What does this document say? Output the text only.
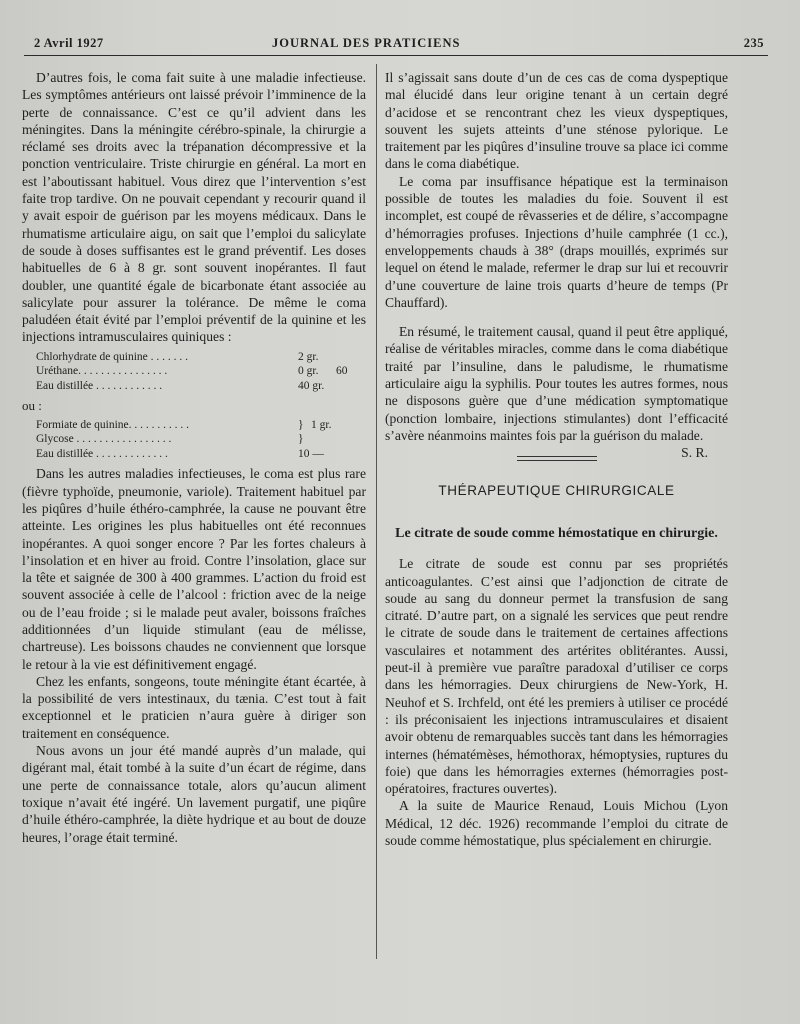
2 Avril 1927	JOURNAL DES PRATICIENS	235

D’autres fois, le coma fait suite à une maladie infectieuse. Les symptômes antérieurs ont laissé prévoir l’imminence de la perte de connaissance. C’est ce qu’il advient dans les méningites. Dans la méningite cérébro-spinale, la chirurgie a réclamé ses droits avec la trépanation décompressive et la ponction ventriculaire. Triste chirurgie en général. La mort en est l’aboutissant habituel. Vous direz que l’intervention s’est faite trop tardive. On ne pouvait cependant y recourir quand il y avait espoir de guérison par les moyens médicaux. Dans le rhumatisme articulaire aigu, on sait que l’emploi du salicylate de soude à doses suffisantes est le grand préventif. Les doses habituelles de 6 à 8 gr. sont souvent inopérantes. Il faut doubler, une quantité égale de bicarbonate étant associée au salicylate pour assurer la tolérance. De même le coma paludéen était évité par l’emploi préventif de la quinine et les injections intramusculaires quiniques :

Chlorhydrate de quinine . . . . . . .	2 gr.
Uréthane. . . . . . . . . . . . . . . .	0 gr. 60
Eau distillée . . . . . . . . . . . .	40 gr.
ou :
Formiate de quinine. . . . . . . . . . .	} 1 gr.
Glycose . . . . . . . . . . . . . . . . .	}
Eau distillée . . . . . . . . . . . . .	10 —

Dans les autres maladies infectieuses, le coma est plus rare (fièvre typhoïde, pneumonie, variole). Traitement habituel par les piqûres d’huile éthéro-camphrée, la cause ne pouvant être atteinte. Les origines les plus habituelles ont été reconnues inopérantes. A quoi songer encore ? Par les fortes chaleurs à l’insolation et en hiver au froid. Contre l’insolation, glace sur la tête et saignée de 300 à 400 grammes. L’action du froid est souvent associée à celle de l’alcool : friction avec de la neige ou de l’eau froide ; si le malade peut avaler, boissons fraîches additionnées d’un liquide stimulant (eau de mélisse, chartreuse). Les boissons chaudes ne conviennent que lorsque le retour à la vie est définitivement engagé.

Chez les enfants, songeons, toute méningite étant écartée, à la possibilité de vers intestinaux, du tænia. C’est tout à fait exceptionnel et le praticien n’aura guère à diriger son traitement en conséquence.

Nous avons un jour été mandé auprès d’un malade, qui digérant mal, était tombé à la suite d’un écart de régime, dans une perte de connaissance totale, alors qu’aucun aliment toxique n’avait été ingéré. Un lavement purgatif, une piqûre d’huile éthéro-camphrée, la diète hydrique et au bout de douze heures, l’orage était terminé.

Il s’agissait sans doute d’un de ces cas de coma dyspeptique mal élucidé dans leur origine tenant à un certain degré d’acidose et se rencontrant chez les vieux dyspeptiques, souvent les sujets atteints d’une sténose pylorique. Le traitement par les piqûres d’insuline trouve sa place ici comme dans le coma diabétique.

Le coma par insuffisance hépatique est la terminaison possible de toutes les maladies du foie. Souvent il est incomplet, est coupé de rêvasseries et de délire, s’accompagne d’hémorragies profuses. Injections d’huile camphrée (1 cc.), enveloppements chauds à 38° (draps mouillés, exprimés sur lequel on étend le malade, refermer le drap sur lui et recouvrir d’une couverture de laine trois quarts d’heure de temps (Pr Chauffard).

En résumé, le traitement causal, quand il peut être appliqué, réalise de véritables miracles, comme dans le coma diabétique traité par l’insuline, dans le paludisme, le rhumatisme articulaire aigu la syphilis. Pour toutes les autres formes, nous ne disposons guère que d’une médication symptomatique (ponction lombaire, injections stimulantes) dont l’efficacité s’avère néanmoins maintes fois par la guérison du malade.
S. R.

THÉRAPEUTIQUE CHIRURGICALE
Le citrate de soude comme hémostatique en chirurgie.

Le citrate de soude est connu par ses propriétés anticoagulantes. C’est ainsi que l’adjonction de citrate de soude au sang du donneur permet la transfusion de sang citraté. D’autre part, on a signalé les services que peut rendre le citrate de soude dans le traitement de certaines affections vasculaires et notamment des artérites oblitérantes. Aussi, peut-il à première vue paraître paradoxal d’utiliser ce corps dans les hémorragies. Deux chirurgiens de New-York, H. Neuhof et S. Irchfeld, ont été les premiers à utiliser ce procédé : ils préconisaient les injections intramusculaires et disaient avoir obtenu de remarquables succès tant dans les hémorragies internes (hématémèses, hémothorax, hémoptysies, ruptures du foie) que dans les hémorragies externes (hémorragies post-opératoires, fractures ouvertes).

A la suite de Maurice Renaud, Louis Michou (Lyon Médical, 12 déc. 1926) recommande l’emploi du citrate de soude comme hémostatique, plus spécialement en chirurgie.
